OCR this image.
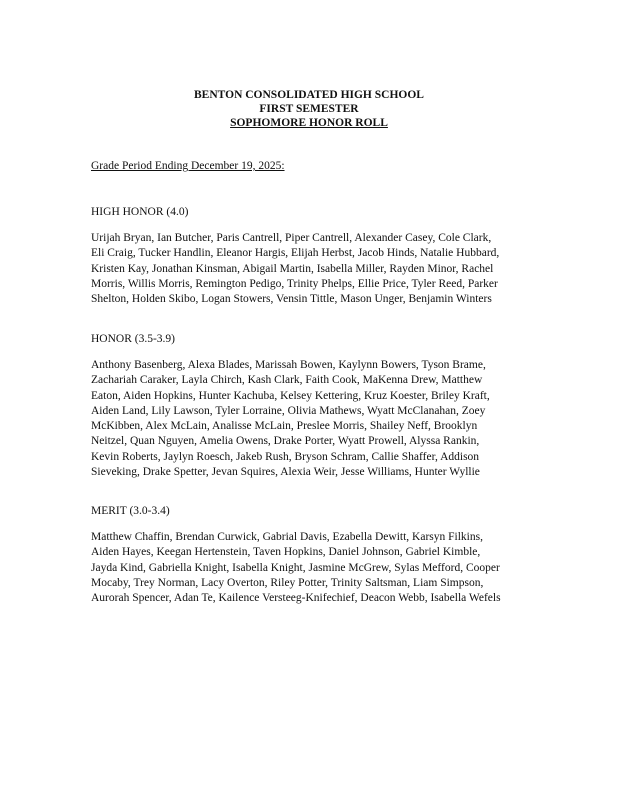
BENTON CONSOLIDATED HIGH SCHOOL
FIRST SEMESTER
SOPHOMORE HONOR ROLL
Grade Period Ending December 19, 2025:
HIGH HONOR (4.0)
Urijah Bryan, Ian Butcher, Paris Cantrell, Piper Cantrell, Alexander Casey, Cole Clark,
Eli Craig, Tucker Handlin, Eleanor Hargis, Elijah Herbst, Jacob Hinds, Natalie Hubbard,
Kristen Kay, Jonathan Kinsman, Abigail Martin, Isabella Miller, Rayden Minor, Rachel
Morris, Willis Morris, Remington Pedigo, Trinity Phelps, Ellie Price, Tyler Reed, Parker
Shelton, Holden Skibo, Logan Stowers, Vensin Tittle, Mason Unger, Benjamin Winters
HONOR (3.5-3.9)
Anthony Basenberg, Alexa Blades, Marissah Bowen, Kaylynn Bowers, Tyson Brame,
Zachariah Caraker, Layla Chirch, Kash Clark, Faith Cook, MaKenna Drew, Matthew
Eaton, Aiden Hopkins, Hunter Kachuba, Kelsey Kettering, Kruz Koester, Briley Kraft,
Aiden Land, Lily Lawson, Tyler Lorraine, Olivia Mathews, Wyatt McClanahan, Zoey
McKibben, Alex McLain, Analisse McLain, Preslee Morris, Shailey Neff, Brooklyn
Neitzel, Quan Nguyen, Amelia Owens, Drake Porter, Wyatt Prowell, Alyssa Rankin,
Kevin Roberts, Jaylyn Roesch, Jakeb Rush, Bryson Schram, Callie Shaffer, Addison
Sieveking, Drake Spetter, Jevan Squires, Alexia Weir, Jesse Williams, Hunter Wyllie
MERIT (3.0-3.4)
Matthew Chaffin, Brendan Curwick, Gabrial Davis, Ezabella Dewitt, Karsyn Filkins,
Aiden Hayes, Keegan Hertenstein, Taven Hopkins, Daniel Johnson, Gabriel Kimble,
Jayda Kind, Gabriella Knight, Isabella Knight, Jasmine McGrew, Sylas Mefford, Cooper
Mocaby, Trey Norman, Lacy Overton, Riley Potter, Trinity Saltsman, Liam Simpson,
Aurorah Spencer, Adan Te, Kailence Versteeg-Knifechief, Deacon Webb, Isabella Wefels
